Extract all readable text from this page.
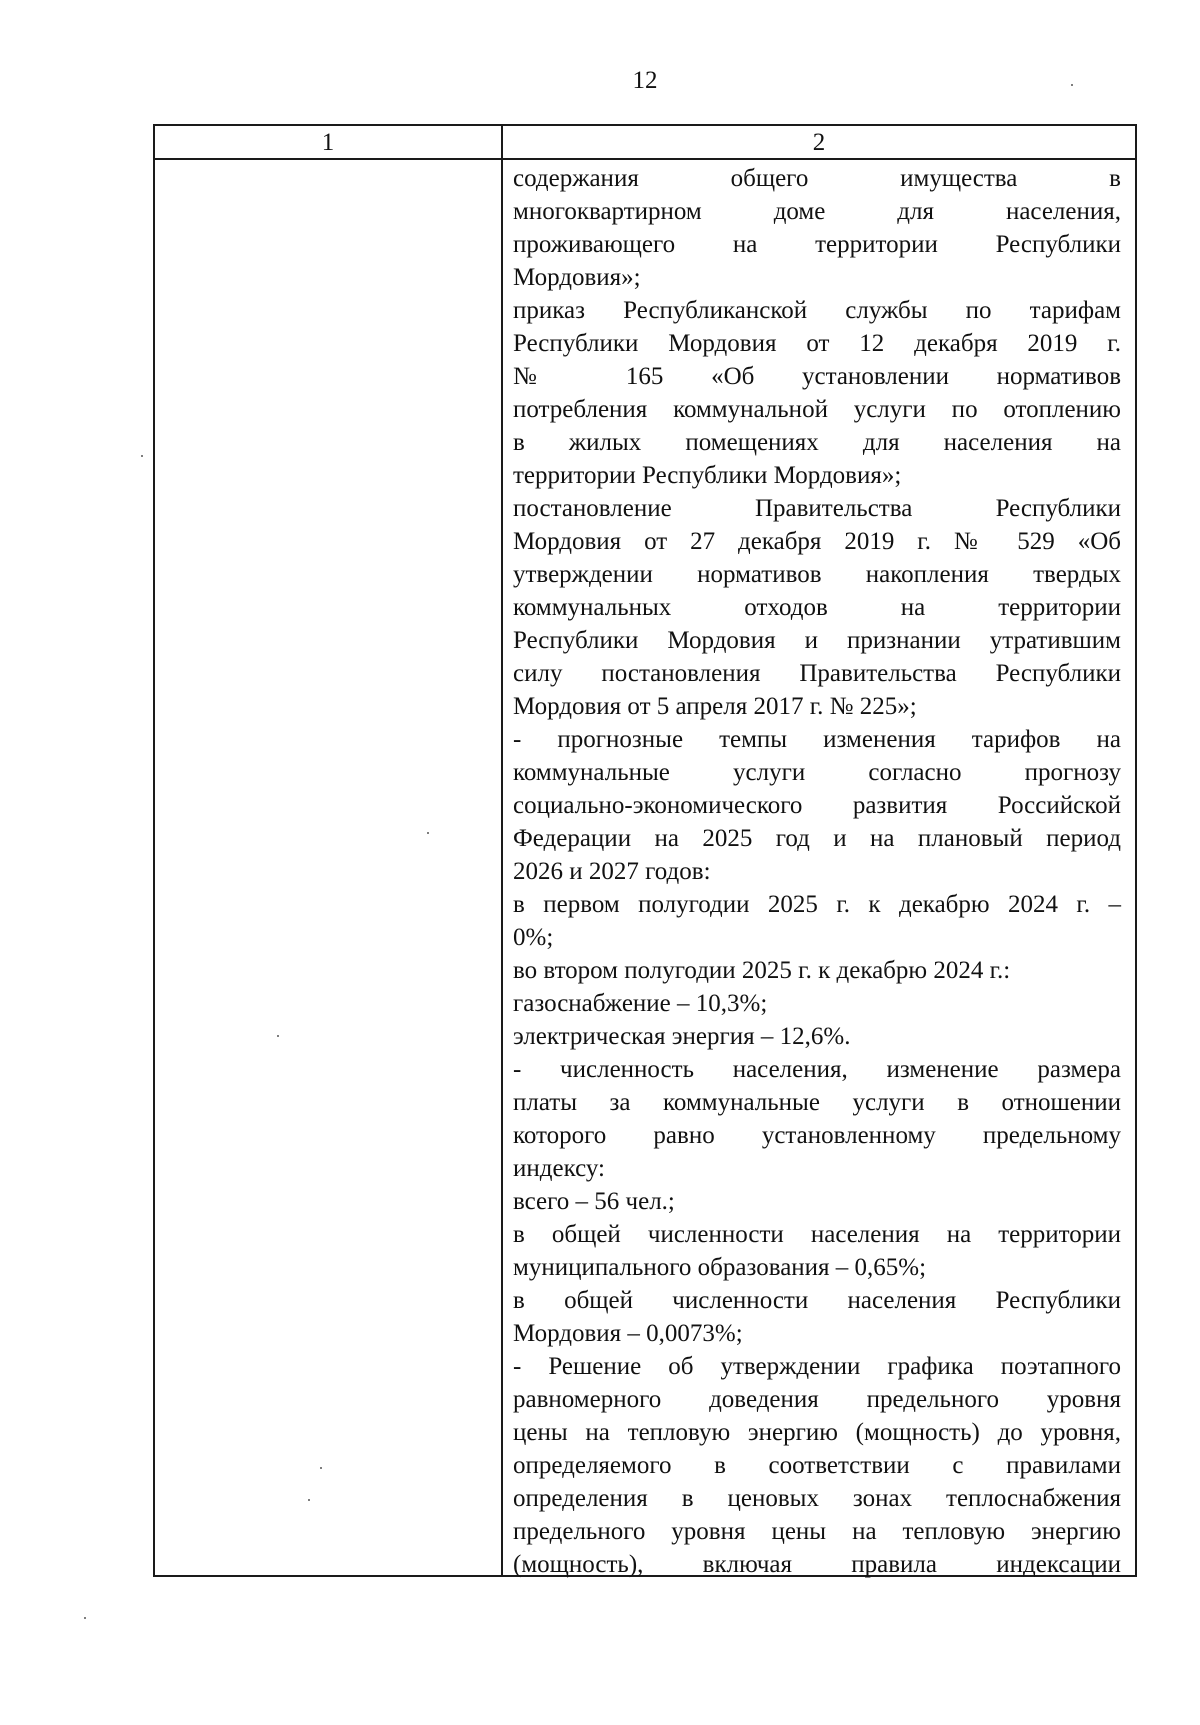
12
1	2
содержания общего имущества в
многоквартирном доме для населения,
проживающего на территории Республики
Мордовия»;
приказ Республиканской службы по тарифам
Республики Мордовия от 12 декабря 2019 г.
№ 165 «Об установлении нормативов
потребления коммунальной услуги по отоплению
в жилых помещениях для населения на
территории Республики Мордовия»;
постановление Правительства Республики
Мордовия от 27 декабря 2019 г. № 529 «Об
утверждении нормативов накопления твердых
коммунальных отходов на территории
Республики Мордовия и признании утратившим
силу постановления Правительства Республики
Мордовия от 5 апреля 2017 г. № 225»;
- прогнозные темпы изменения тарифов на
коммунальные услуги согласно прогнозу
социально-экономического развития Российской
Федерации на 2025 год и на плановый период
2026 и 2027 годов:
в первом полугодии 2025 г. к декабрю 2024 г. –
0%;
во втором полугодии 2025 г. к декабрю 2024 г.:
газоснабжение – 10,3%;
электрическая энергия – 12,6%.
- численность населения, изменение размера
платы за коммунальные услуги в отношении
которого равно установленному предельному
индексу:
всего – 56 чел.;
в общей численности населения на территории
муниципального образования – 0,65%;
в общей численности населения Республики
Мордовия – 0,0073%;
- Решение об утверждении графика поэтапного
равномерного доведения предельного уровня
цены на тепловую энергию (мощность) до уровня,
определяемого в соответствии с правилами
определения в ценовых зонах теплоснабжения
предельного уровня цены на тепловую энергию
(мощность), включая правила индексации
